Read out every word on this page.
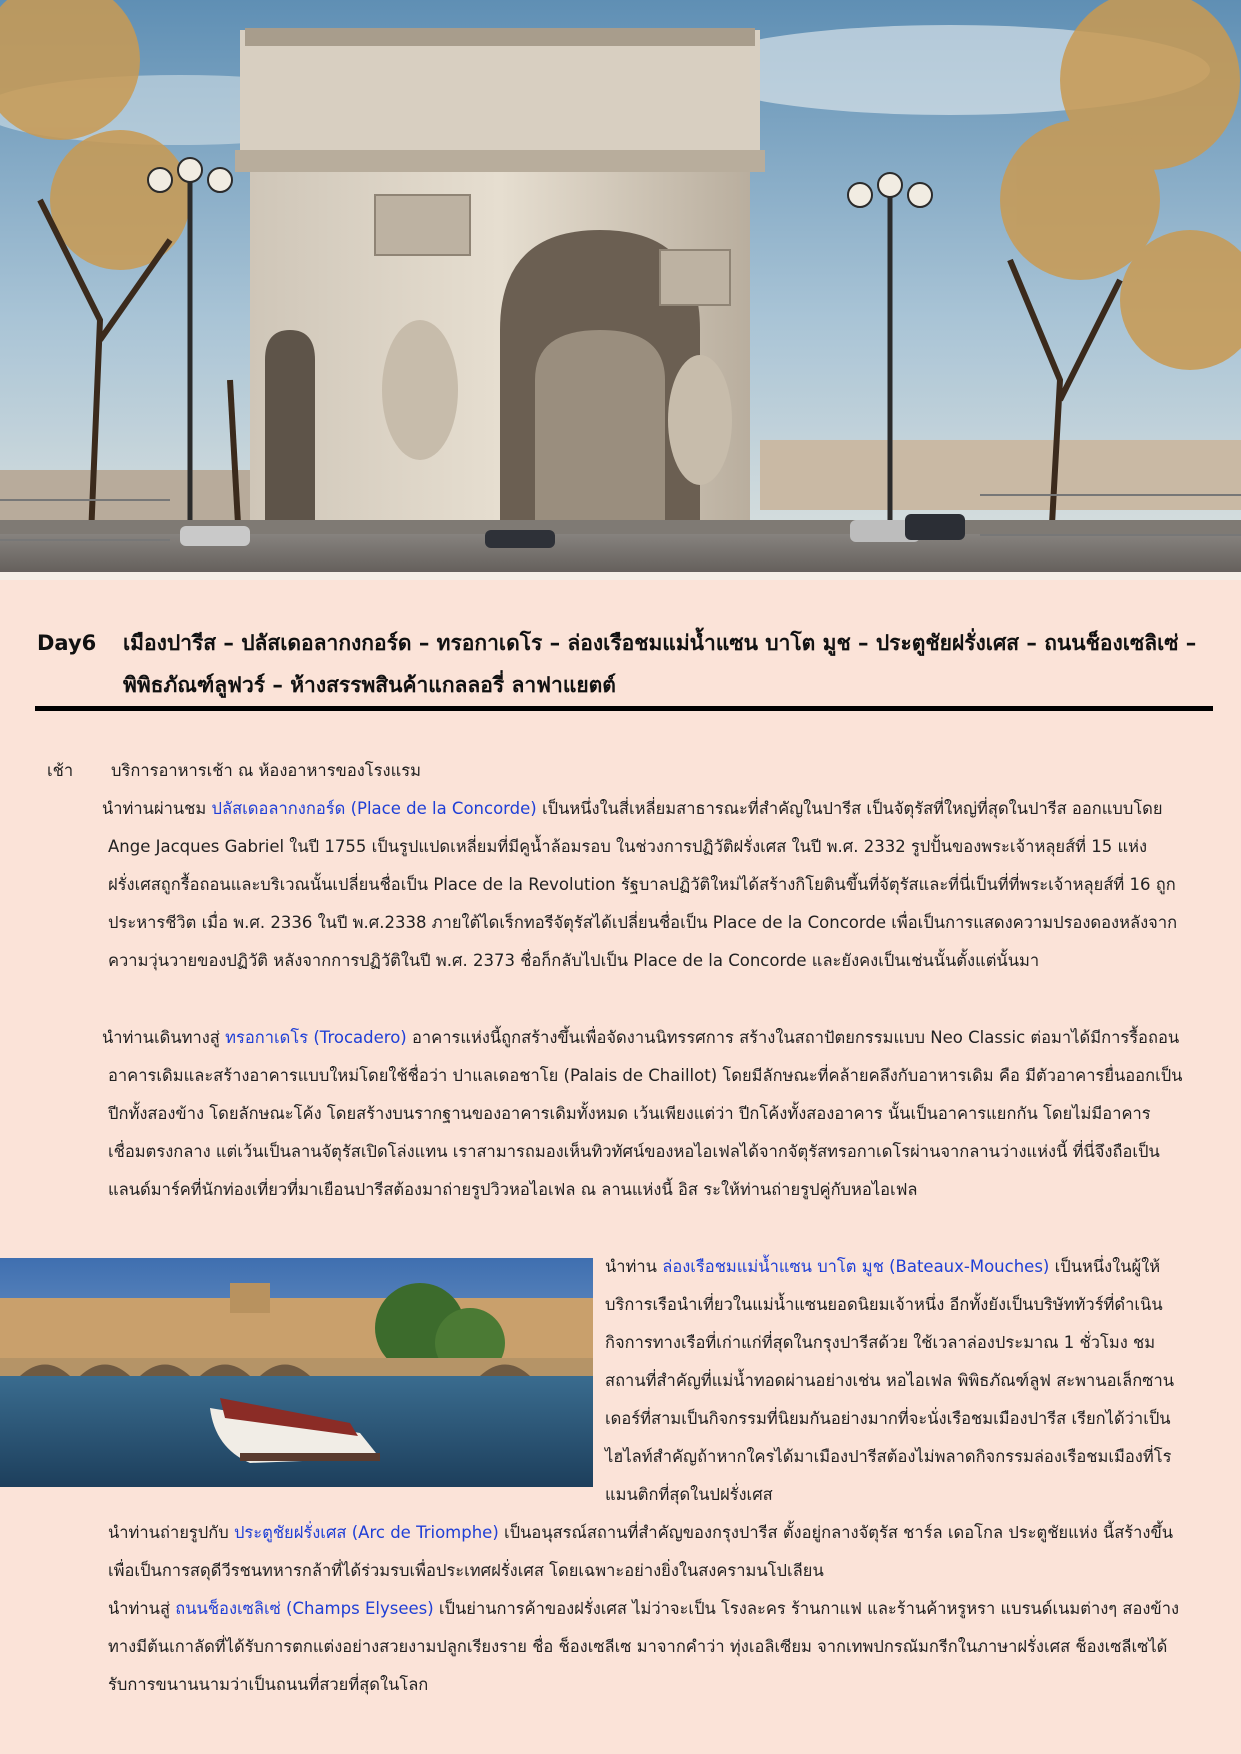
Day6	เมืองปารีส – ปลัสเดอลากงกอร์ด – ทรอกาเดโร – ล่องเรือชมแม่น้ำแซน บาโต มูช – ประตูชัยฝรั่งเศส – ถนนช็องเซลิเซ่ – พิพิธภัณฑ์ลูฟวร์ – ห้างสรรพสินค้าแกลลอรี่ ลาฟาแยตต์
เช้า บริการอาหารเช้า ณ ห้องอาหารของโรงแรม

นำท่านผ่านชม ปลัสเดอลากงกอร์ด (Place de la Concorde) เป็นหนึ่งในสี่เหลี่ยมสาธารณะที่สำคัญในปารีส เป็นจัตุรัสที่ใหญ่ที่สุดในปารีส ออกแบบโดย Ange Jacques Gabriel ในปี 1755 เป็นรูปแปดเหลี่ยมที่มีคูน้ำล้อมรอบ ในช่วงการปฏิวัติฝรั่งเศส ในปี พ.ศ. 2332 รูปปั้นของพระเจ้าหลุยส์ที่ 15 แห่งฝรั่งเศสถูกรื้อถอนและบริเวณนั้นเปลี่ยนชื่อเป็น Place de la Revolution รัฐบาลปฏิวัติใหม่ได้สร้างกิโยตินขึ้นที่จัตุรัสและที่นี่เป็นที่ที่พระเจ้าหลุยส์ที่ 16 ถูกประหารชีวิต เมื่อ พ.ศ. 2336 ในปี พ.ศ.2338 ภายใต้ไดเร็กทอรีจัตุรัสได้เปลี่ยนชื่อเป็น Place de la Concorde เพื่อเป็นการแสดงความปรองดองหลังจากความวุ่นวายของปฏิวัติ หลังจากการปฏิวัติในปี พ.ศ. 2373 ชื่อก็กลับไปเป็น Place de la Concorde และยังคงเป็นเช่นนั้นตั้งแต่นั้นมา

นำท่านเดินทางสู่ ทรอกาเดโร (Trocadero) อาคารแห่งนี้ถูกสร้างขึ้นเพื่อจัดงานนิทรรศการ สร้างในสถาปัตยกรรมแบบ Neo Classic ต่อมาได้มีการรื้อถอนอาคารเดิมและสร้างอาคารแบบใหม่โดยใช้ชื่อว่า ปาแลเดอชาโย (Palais de Chaillot) โดยมีลักษณะที่คล้ายคลึงกับอาหารเดิม คือ มีตัวอาคารยื่นออกเป็นปีกทั้งสองข้าง โดยลักษณะโค้ง โดยสร้างบนรากฐานของอาคารเดิมทั้งหมด เว้นเพียงแต่ว่า ปีกโค้งทั้งสองอาคาร นั้นเป็นอาคารแยกกัน โดยไม่มีอาคารเชื่อมตรงกลาง แต่เว้นเป็นลานจัตุรัสเปิดโล่งแทน เราสามารถมองเห็นทิวทัศน์ของหอไอเฟลได้จากจัตุรัสทรอกาเดโรผ่านจากลานว่างแห่งนี้ ที่นี่จึงถือเป็นแลนด์มาร์คที่นักท่องเที่ยวที่มาเยือนปารีสต้องมาถ่ายรูปวิวหอไอเฟล ณ ลานแห่งนี้ อิส ระให้ท่านถ่ายรูปคู่กับหอไอเฟล

นำท่าน ล่องเรือชมแม่น้ำแซน บาโต มูช (Bateaux-Mouches) เป็นหนึ่งในผู้ให้บริการเรือนำเที่ยวในแม่น้ำแซนยอดนิยมเจ้าหนึ่ง อีกทั้งยังเป็นบริษัททัวร์ที่ดำเนินกิจการทางเรือที่เก่าแก่ที่สุดในกรุงปารีสด้วย ใช้เวลาล่องประมาณ 1 ชั่วโมง ชมสถานที่สำคัญที่แม่น้ำทอดผ่านอย่างเช่น หอไอเฟล พิพิธภัณฑ์ลูฟ สะพานอเล็กซานเดอร์ที่สามเป็นกิจกรรมที่นิยมกันอย่างมากที่จะนั่งเรือชมเมืองปารีส เรียกได้ว่าเป็นไฮไลท์สำคัญถ้าหากใครได้มาเมืองปารีสต้องไม่พลาดกิจกรรมล่องเรือชมเมืองที่โรแมนติกที่สุดในปฝรั่งเศส

นำท่านถ่ายรูปกับ ประตูชัยฝรั่งเศส (Arc de Triomphe) เป็นอนุสรณ์สถานที่สำคัญของกรุงปารีส ตั้งอยู่กลางจัตุรัส ชาร์ล เดอโกล ประตูชัยแห่ง นี้สร้างขึ้นเพื่อเป็นการสดุดีวีรชนทหารกล้าที่ได้ร่วมรบเพื่อประเทศฝรั่งเศส โดยเฉพาะอย่างยิ่งในสงครามนโปเลียน

นำท่านสู่ ถนนช็องเซลิเซ่ (Champs Elysees) เป็นย่านการค้าของฝรั่งเศส ไม่ว่าจะเป็น โรงละคร ร้านกาแฟ และร้านค้าหรูหรา แบรนด์เนมต่างๆ สองข้างทางมีต้นเกาลัดที่ได้รับการตกแต่งอย่างสวยงามปลูกเรียงราย ชื่อ ช็องเซลีเซ มาจากคำว่า ทุ่งเอลิเซียม จากเทพปกรณัมกรีกในภาษาฝรั่งเศส ช็องเซลีเซได้รับการขนานนามว่าเป็นถนนที่สวยที่สุดในโลก
